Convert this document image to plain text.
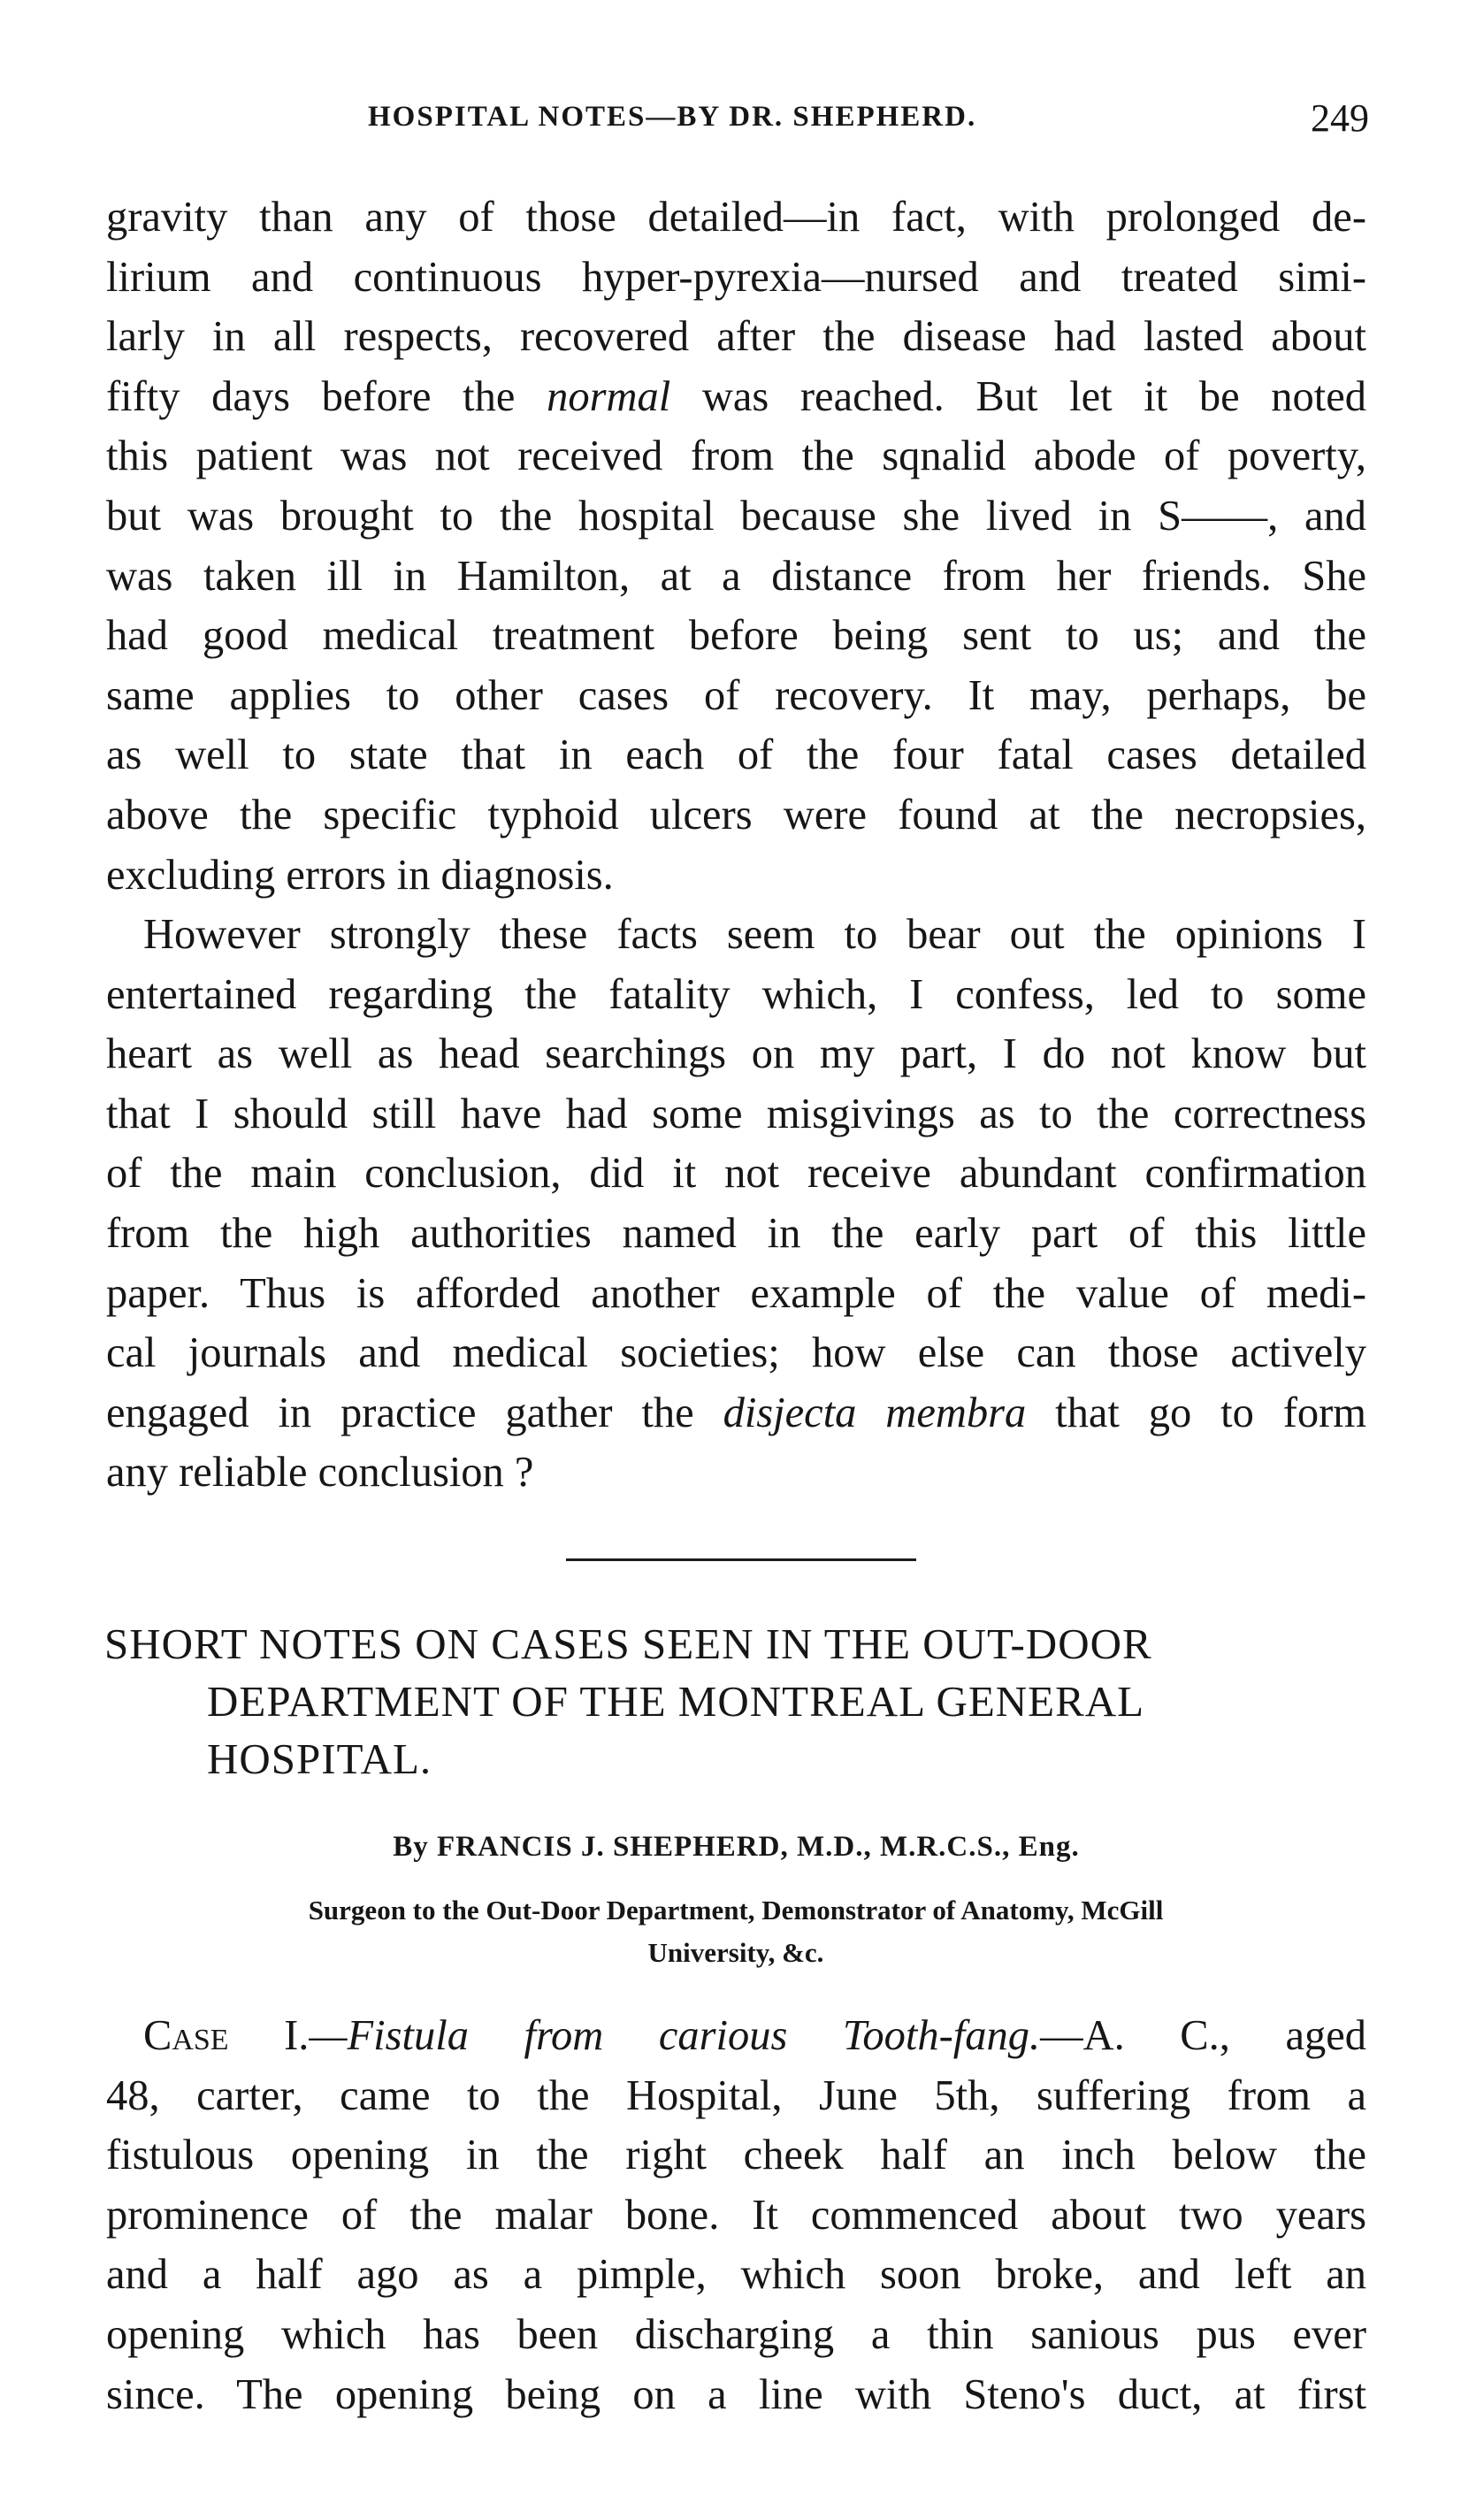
HOSPITAL NOTES—BY DR. SHEPHERD.	249
gravity than any of those detailed—in fact, with prolonged de-
lirium and continuous hyper-pyrexia—nursed and treated simi-
larly in all respects, recovered after the disease had lasted about
fifty days before the normal was reached. But let it be noted
this patient was not received from the sqnalid abode of poverty,
but was brought to the hospital because she lived in S——, and
was taken ill in Hamilton, at a distance from her friends. She
had good medical treatment before being sent to us; and the
same applies to other cases of recovery. It may, perhaps, be
as well to state that in each of the four fatal cases detailed
above the specific typhoid ulcers were found at the necropsies,
excluding errors in diagnosis.
However strongly these facts seem to bear out the opinions I
entertained regarding the fatality which, I confess, led to some
heart as well as head searchings on my part, I do not know but
that I should still have had some misgivings as to the correctness
of the main conclusion, did it not receive abundant confirmation
from the high authorities named in the early part of this little
paper. Thus is afforded another example of the value of medi-
cal journals and medical societies; how else can those actively
engaged in practice gather the disjecta membra that go to form
any reliable conclusion ?
SHORT NOTES ON CASES SEEN IN THE OUT-DOOR
DEPARTMENT OF THE MONTREAL GENERAL
HOSPITAL.

By FRANCIS J. SHEPHERD, M.D., M.R.C.S., Eng.

Surgeon to the Out-Door Department, Demonstrator of Anatomy, McGill
University, &c.
Case I.—Fistula from carious Tooth-fang.—A. C., aged
48, carter, came to the Hospital, June 5th, suffering from a
fistulous opening in the right cheek half an inch below the
prominence of the malar bone. It commenced about two years
and a half ago as a pimple, which soon broke, and left an
opening which has been discharging a thin sanious pus ever
since. The opening being on a line with Steno's duct, at first
